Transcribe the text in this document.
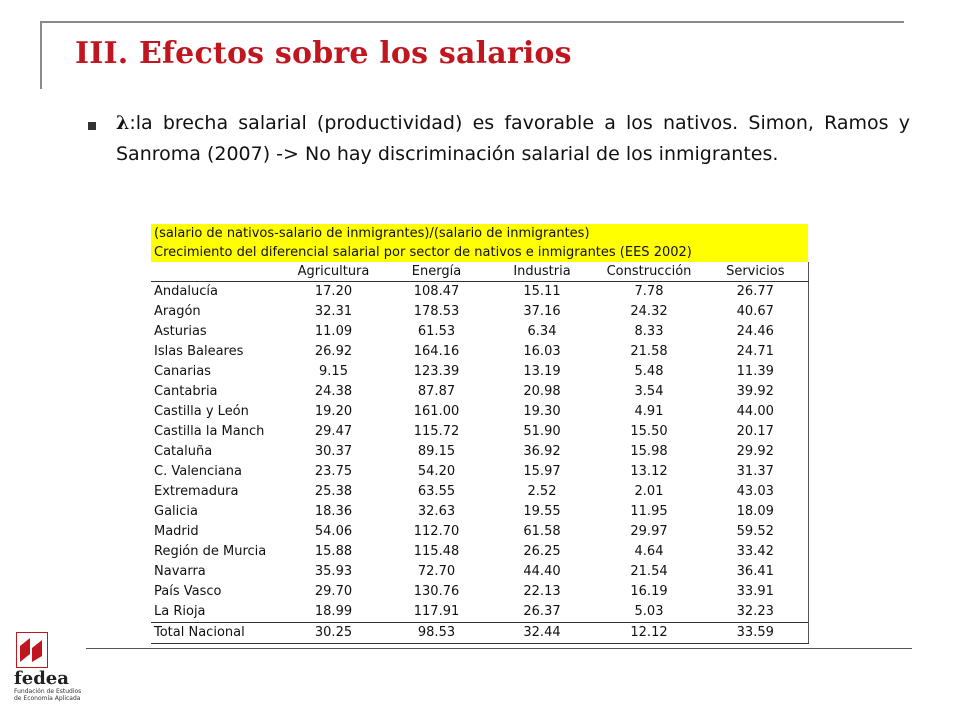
III. Efectos sobre los salarios
λ:la brecha salarial (productividad) es favorable a los nativos. Simon, Ramos y Sanroma (2007) -> No hay discriminación salarial de los inmigrantes.
(salario de nativos-salario de inmigrantes)/(salario de inmigrantes)					
Crecimiento del diferencial salarial por sector de nativos e inmigrantes (EES 2002)					
	Agricultura	Energía	Industria	Construcción	Servicios
Andalucía	17.20	108.47	15.11	7.78	26.77
Aragón	32.31	178.53	37.16	24.32	40.67
Asturias	11.09	61.53	6.34	8.33	24.46
Islas Baleares	26.92	164.16	16.03	21.58	24.71
Canarias	9.15	123.39	13.19	5.48	11.39
Cantabria	24.38	87.87	20.98	3.54	39.92
Castilla y León	19.20	161.00	19.30	4.91	44.00
Castilla la Manch	29.47	115.72	51.90	15.50	20.17
Cataluña	30.37	89.15	36.92	15.98	29.92
C. Valenciana	23.75	54.20	15.97	13.12	31.37
Extremadura	25.38	63.55	2.52	2.01	43.03
Galicia	18.36	32.63	19.55	11.95	18.09
Madrid	54.06	112.70	61.58	29.97	59.52
Región de Murcia	15.88	115.48	26.25	4.64	33.42
Navarra	35.93	72.70	44.40	21.54	36.41
País Vasco	29.70	130.76	22.13	16.19	33.91
La Rioja	18.99	117.91	26.37	5.03	32.23
Total Nacional	30.25	98.53	32.44	12.12	33.59
fedea
Fundación de Estudios de Economía Aplicada
